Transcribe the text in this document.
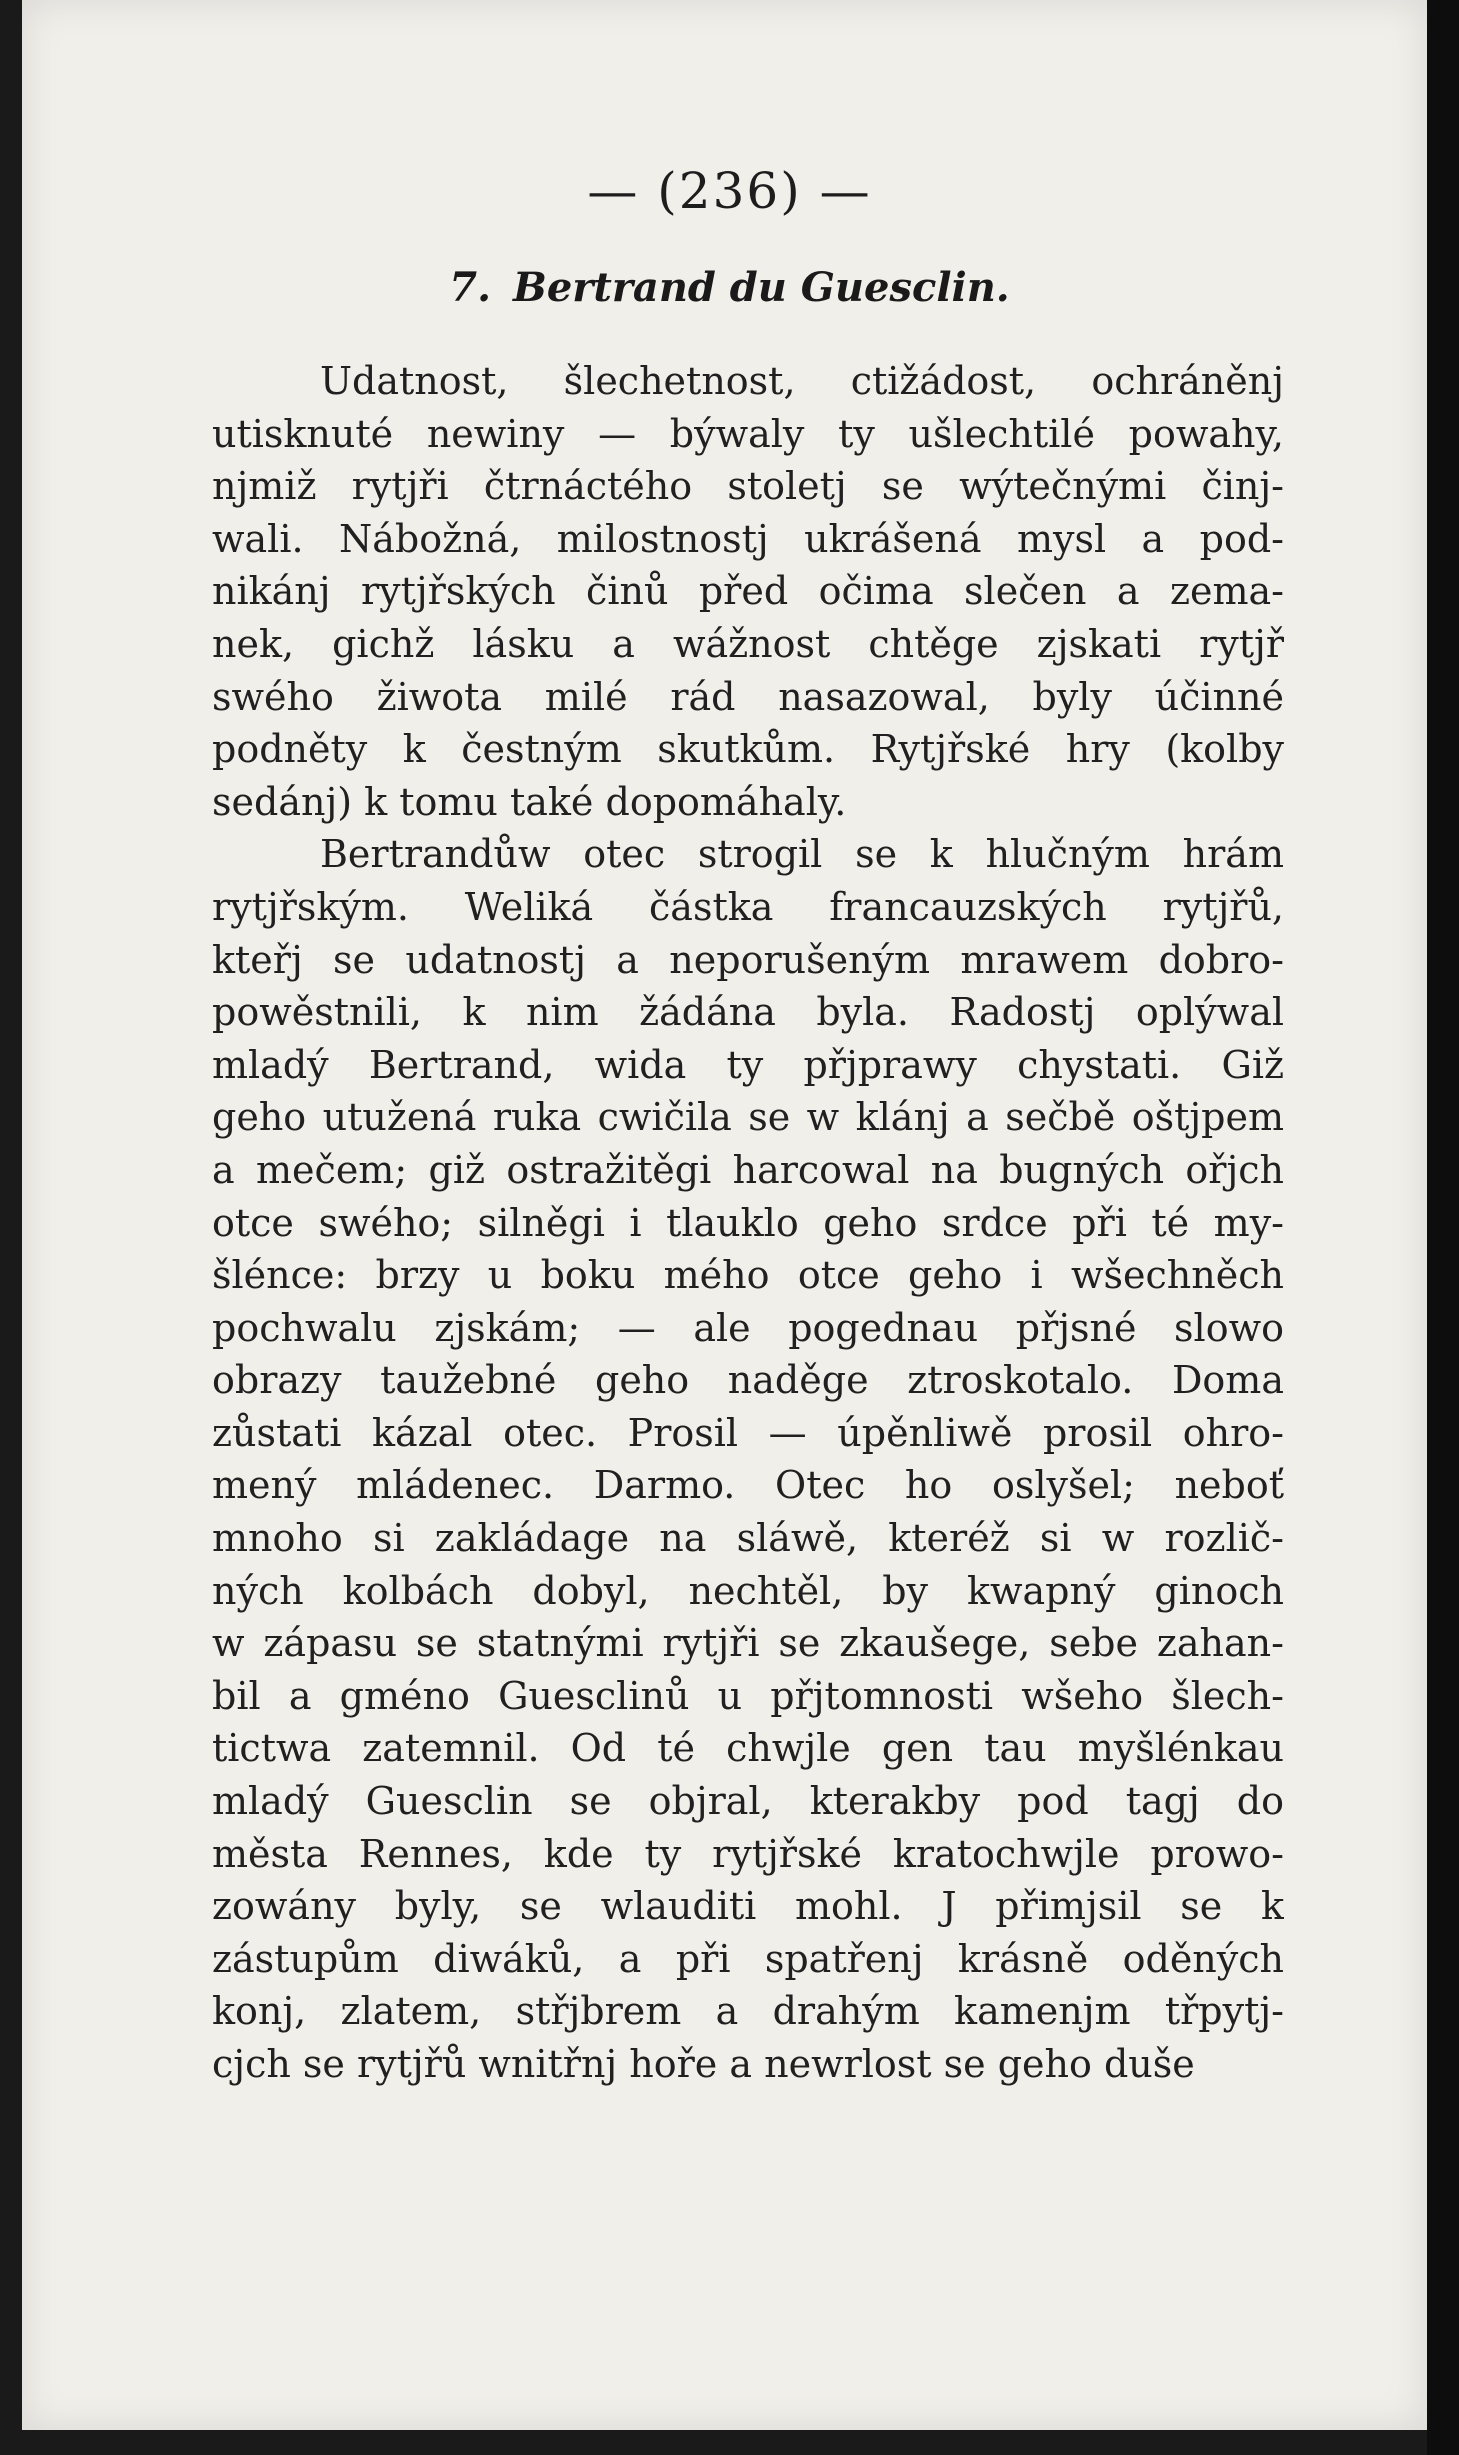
— (236) —
7. Bertrand du Guesclin.
Udatnost, šlechetnost, ctižádost, ochráněnj
utisknuté newiny — býwaly ty ušlechtilé powahy,
njmiž rytjři čtrnáctého stoletj se wýtečnými činj-
wali. Nábožná, milostnostj ukrášená mysl a pod-
nikánj rytjřských činů před očima slečen a zema-
nek, gichž lásku a wážnost chtěge zjskati rytjř
swého žiwota milé rád nasazowal, byly účinné
podněty k čestným skutkům. Rytjřské hry (kolby
sedánj) k tomu také dopomáhaly.
Bertrandůw otec strogil se k hlučným hrám
rytjřským. Weliká částka francauzských rytjřů,
kteřj se udatnostj a neporušeným mrawem dobro-
powěstnili, k nim žádána byla. Radostj oplýwal
mladý Bertrand, wida ty přjprawy chystati. Giž
geho utužená ruka cwičila se w klánj a sečbě oštjpem
a mečem; giž ostražitěgi harcowal na bugných ořjch
otce swého; silněgi i tlauklo geho srdce při té my-
šlénce: brzy u boku mého otce geho i wšechněch
pochwalu zjskám; — ale pogednau přjsné slowo
obrazy taužebné geho naděge ztroskotalo. Doma
zůstati kázal otec. Prosil — úpěnliwě prosil ohro-
mený mládenec. Darmo. Otec ho oslyšel; neboť
mnoho si zakládage na sláwě, kteréž si w rozlič-
ných kolbách dobyl, nechtěl, by kwapný ginoch
w zápasu se statnými rytjři se zkaušege, sebe zahan-
bil a gméno Guesclinů u přjtomnosti wšeho šlech-
tictwa zatemnil. Od té chwjle gen tau myšlénkau
mladý Guesclin se objral, kterakby pod tagj do
města Rennes, kde ty rytjřské kratochwjle prowo-
zowány byly, se wlauditi mohl. J přimjsil se k
zástupům diwáků, a při spatřenj krásně oděných
konj, zlatem, střjbrem a drahým kamenjm třpytj-
cjch se rytjřů wnitřnj hoře a newrlost se geho duše
